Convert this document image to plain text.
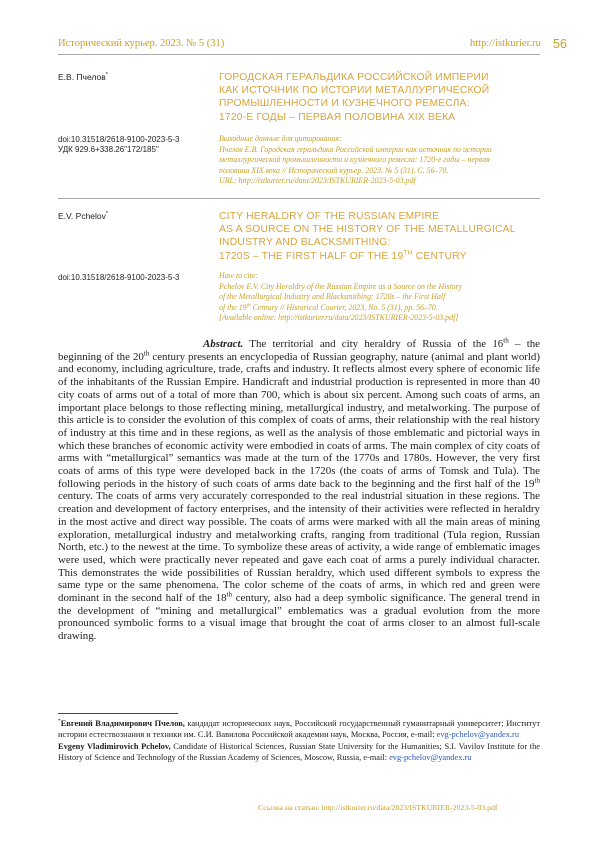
Исторический курьер. 2023. № 5 (31)	http://istkurier.ru 56
Е.В. Пчелов*	ГОРОДСКАЯ ГЕРАЛЬДИКА РОССИЙСКОЙ ИМПЕРИИ
КАК ИСТОЧНИК ПО ИСТОРИИ МЕТАЛЛУРГИЧЕСКОЙ
ПРОМЫШЛЕННОСТИ И КУЗНЕЧНОГО РЕМЕСЛА:
1720-Е ГОДЫ – ПЕРВАЯ ПОЛОВИНА XIX ВЕКА
doi:10.31518/2618-9100-2023-5-3
УДК 929.6+338.26"172/185"
Выходные данные для цитирования:
Пчелов Е.В. Городская геральдика Российской империи как источник по истории
металлургической промышленности и кузнечного ремесла: 1720-е годы – первая
половина XIX века // Исторический курьер. 2023. № 5 (31). С. 56–70.
URL: http://istkurier.ru/data/2023/ISTKURIER-2023-5-03.pdf
E.V. Pchelov*	CITY HERALDRY OF THE RUSSIAN EMPIRE
AS A SOURCE ON THE HISTORY OF THE METALLURGICAL
INDUSTRY AND BLACKSMITHING:
1720S – THE FIRST HALF OF THE 19TH CENTURY
doi:10.31518/2618-9100-2023-5-3	How to cite:
Pchelov E.V. City Heraldry of the Russian Empire as a Source on the History
of the Metallurgical Industry and Blacksmithing: 1720s – the First Half
of the 19th Century // Historical Courier, 2023, No. 5 (31), pp. 56–70.
[Available online: http://istkurier.ru/data/2023/ISTKURIER-2023-5-03.pdf]
Abstract. The territorial and city heraldry of Russia of the 16th – the beginning of the 20th century presents an encyclopedia of Russian geography, nature (animal and plant world) and economy, including agriculture, trade, crafts and industry. It reflects almost every sphere of economic life of the inhabitants of the Russian Empire. Handicraft and industrial production is represented in more than 40 city coats of arms out of a total of more than 700, which is about six percent. Among such coats of arms, an important place belongs to those reflecting mining, metallurgical industry, and metalworking. The purpose of this article is to consider the evolution of this complex of coats of arms, their relationship with the real history of industry at this time and in these regions, as well as the analysis of those emblematic and pictorial ways in which these branches of economic activity were embodied in coats of arms. The main complex of city coats of arms with “metallurgical” semantics was made at the turn of the 1770s and 1780s. However, the very first coats of arms of this type were developed back in the 1720s (the coats of arms of Tomsk and Tula). The following periods in the history of such coats of arms date back to the beginning and the first half of the 19th century. The coats of arms very accurately corresponded to the real industrial situation in these regions. The creation and development of factory enterprises, and the intensity of their activities were reflected in heraldry in the most active and direct way possible. The coats of arms were marked with all the main areas of mining exploration, metallurgical industry and metalworking crafts, ranging from traditional (Tula region, Russian North, etc.) to the newest at the time. To symbolize these areas of activity, a wide range of emblematic images were used, which were practically never repeated and gave each coat of arms a purely individual character. This demonstrates the wide possibilities of Russian heraldry, which used different symbols to express the same type or the same phenomena. The color scheme of the coats of arms, in which red and green were dominant in the second half of the 18th century, also had a deep symbolic significance. The general trend in the development of “mining and metallurgical” emblematics was a gradual evolution from the more pronounced symbolic forms to a visual image that brought the coat of arms closer to an almost full-scale drawing.
*Евгений Владимирович Пчелов, кандидат исторических наук, Российский государственный гуманитарный университет; Институт истории естествознания и техники им. С.И. Вавилова Российской академии наук, Москва, Россия, e-mail: evg-pchelov@yandex.ru
Evgeny Vladimirovich Pchelov, Candidate of Historical Sciences, Russian State University for the Humanities; S.I. Vavilov Institute for the History of Science and Technology of the Russian Academy of Sciences, Moscow, Russia, e-mail: evg-pchelov@yandex.ru
Ссылка на статью: http://istkurier.ru/data/2023/ISTKURIER-2023-5-03.pdf
